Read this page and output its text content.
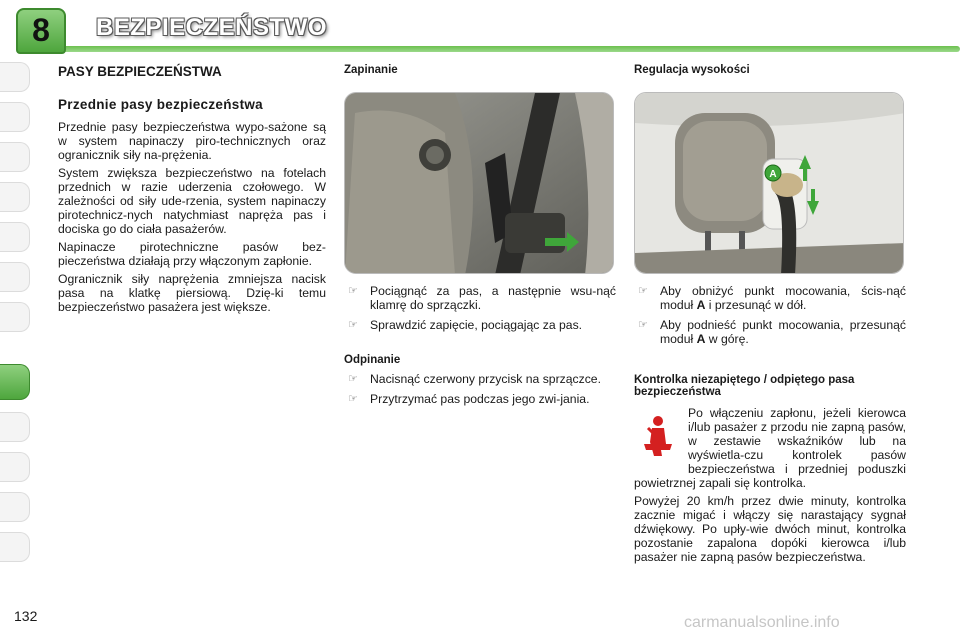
8	BEZPIECZEŃSTWO
PASY BEZPIECZEŃSTWA
Przednie pasy bezpieczeństwa

Przednie pasy bezpieczeństwa wypo-sażone są w system napinaczy piro-technicznych oraz ogranicznik siły na-prężenia.

System zwiększa bezpieczeństwo na fotelach przednich w razie uderzenia czołowego. W zależności od siły ude-rzenia, system napinaczy pirotechnicz-nych natychmiast napręża pas i dociska go do ciała pasażerów.

Napinacze pirotechniczne pasów bez-pieczeństwa działają przy włączonym zapłonie.

Ogranicznik siły naprężenia zmniejsza nacisk pasa na klatkę piersiową. Dzię-ki temu bezpieczeństwo pasażera jest większe.

Zapinanie
☞ Pociągnąć za pas, a następnie wsu-nąć klamrę do sprzączki.
☞ Sprawdzić zapięcie, pociągając za pas.
Odpinanie
☞ Nacisnąć czerwony przycisk na sprzączce.
☞ Przytrzymać pas podczas jego zwi-jania.
Regulacja wysokości
A
☞ Aby obniżyć punkt mocowania, ścis-nąć moduł A i przesunąć w dół.
☞ Aby podnieść punkt mocowania, przesunąć moduł A w górę.
Kontrolka niezapiętego / odpiętego pasa bezpieczeństwa

Po włączeniu zapłonu, jeżeli kierowca i/lub pasażer z przodu nie zapną pasów, w zestawie wskaźników lub na wyświetla-czu kontrolek pasów bezpieczeństwa i przedniej poduszki powietrznej zapali się kontrolka.

Powyżej 20 km/h przez dwie minuty, kontrolka zacznie migać i włączy się narastający sygnał dźwiękowy. Po upły-wie dwóch minut, kontrolka pozostanie zapalona dopóki kierowca i/lub pasażer nie zapną pasów bezpieczeństwa.

132	carmanualsonline.info
